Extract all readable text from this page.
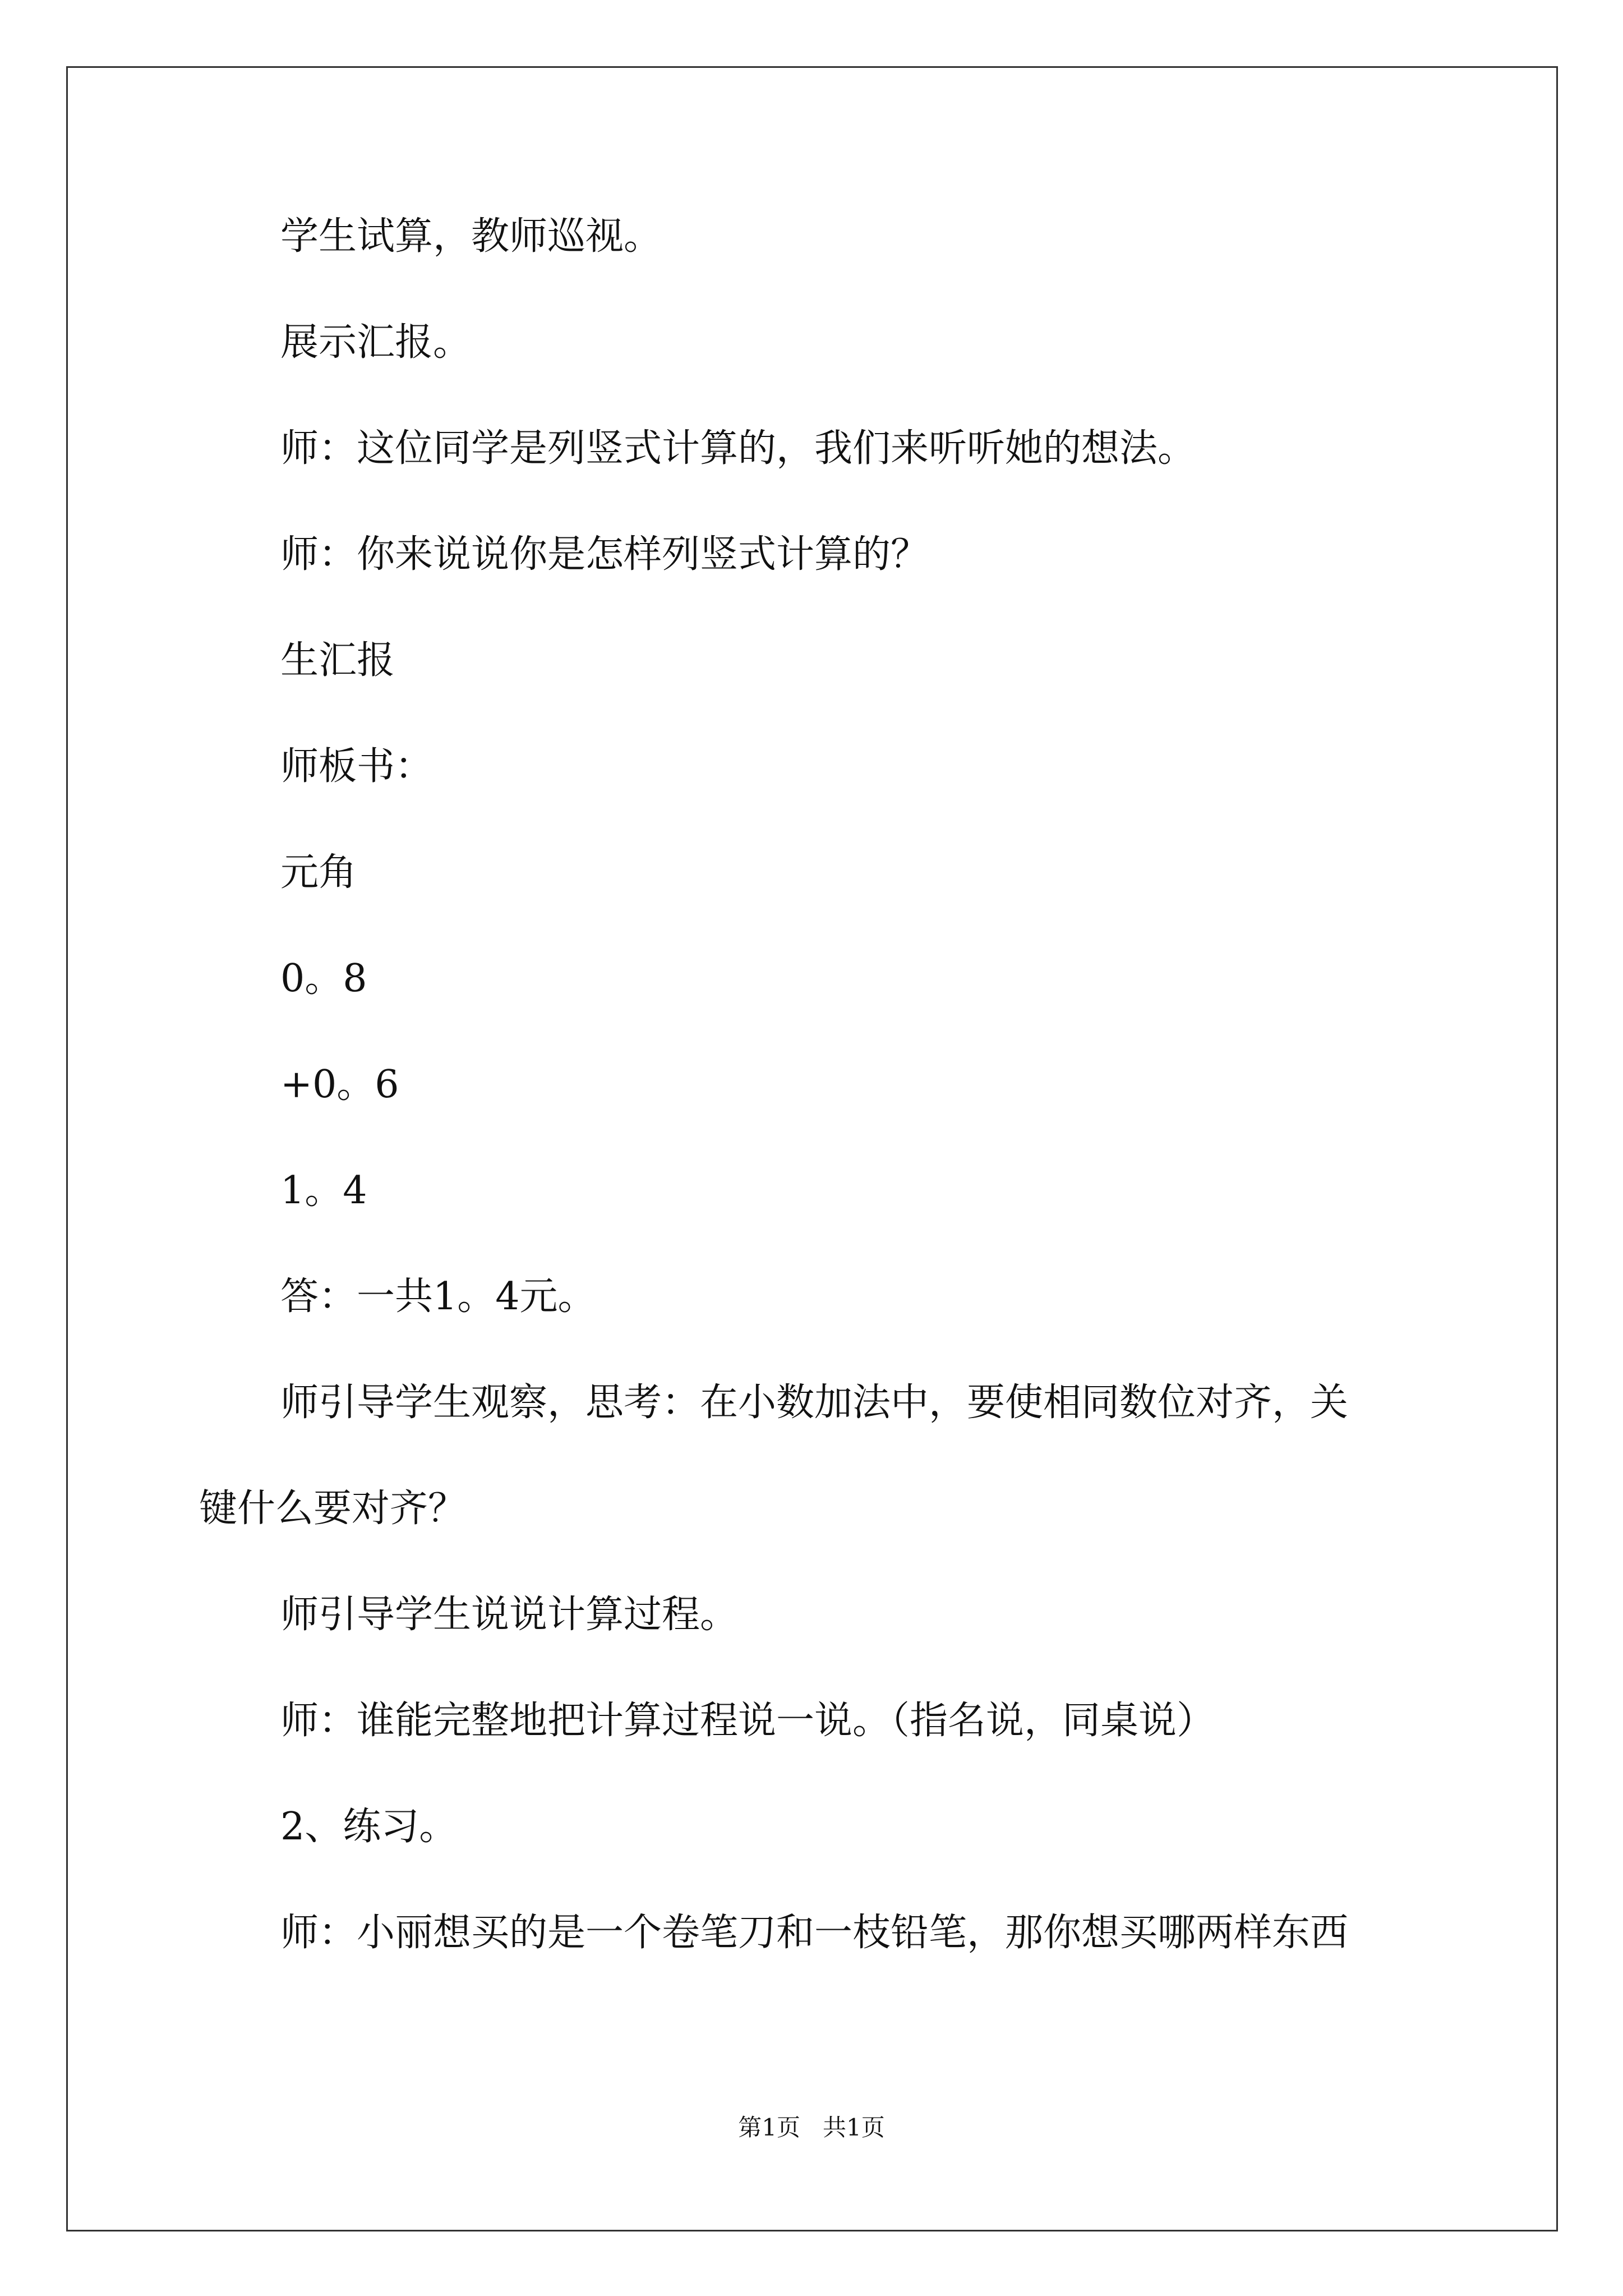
学生试算，教师巡视。
展示汇报。
师：这位同学是列竖式计算的，我们来听听她的想法。
师：你来说说你是怎样列竖式计算的？
生汇报
师板书：
元角
0。8
+0。6
1。4
答：一共1。4元。
师引导学生观察，思考：在小数加法中，要使相同数位对齐，关
键什么要对齐？
师引导学生说说计算过程。
师：谁能完整地把计算过程说一说。（指名说，同桌说）
2、练习。
师：小丽想买的是一个卷笔刀和一枝铅笔，那你想买哪两样东西
第1页   共1页
